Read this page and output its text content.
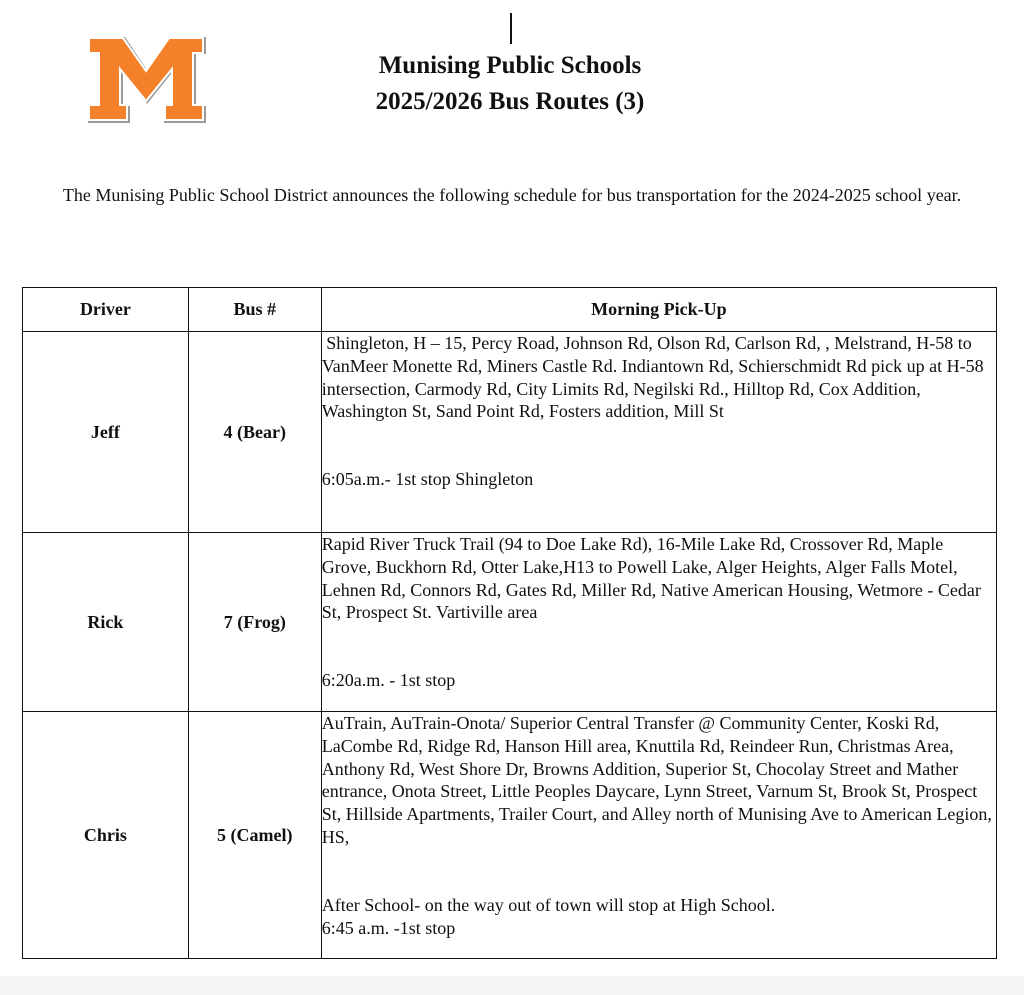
Munising Public Schools
2025/2026 Bus Routes (3)
The Munising Public School District announces the following schedule for bus transportation for the 2024-2025 school year.
Driver	Bus #	Morning Pick-Up
Jeff	4 (Bear)	Shingleton, H – 15, Percy Road, Johnson Rd, Olson Rd, Carlson Rd, , Melstrand, H-58 to VanMeer Monette Rd, Miners Castle Rd. Indiantown Rd, Schierschmidt Rd pick up at H-58 intersection, Carmody Rd, City Limits Rd, Negilski Rd., Hilltop Rd, Cox Addition, Washington St, Sand Point Rd, Fosters addition, Mill St
6:05a.m.- 1st stop Shingleton

Rick	7 (Frog)	Rapid River Truck Trail (94 to Doe Lake Rd), 16-Mile Lake Rd, Crossover Rd, Maple Grove, Buckhorn Rd, Otter Lake,H13 to Powell Lake, Alger Heights, Alger Falls Motel, Lehnen Rd, Connors Rd, Gates Rd, Miller Rd, Native American Housing, Wetmore - Cedar St, Prospect St. Vartiville area
6:20a.m. - 1st stop

Chris	5 (Camel)	AuTrain, AuTrain-Onota/ Superior Central Transfer @ Community Center, Koski Rd, LaCombe Rd, Ridge Rd, Hanson Hill area, Knuttila Rd, Reindeer Run, Christmas Area, Anthony Rd, West Shore Dr, Browns Addition, Superior St, Chocolay Street and Mather entrance, Onota Street, Little Peoples Daycare, Lynn Street, Varnum St, Brook St, Prospect St, Hillside Apartments, Trailer Court, and Alley north of Munising Ave to American Legion, HS,
After School- on the way out of town will stop at High School.
6:45 a.m. -1st stop
